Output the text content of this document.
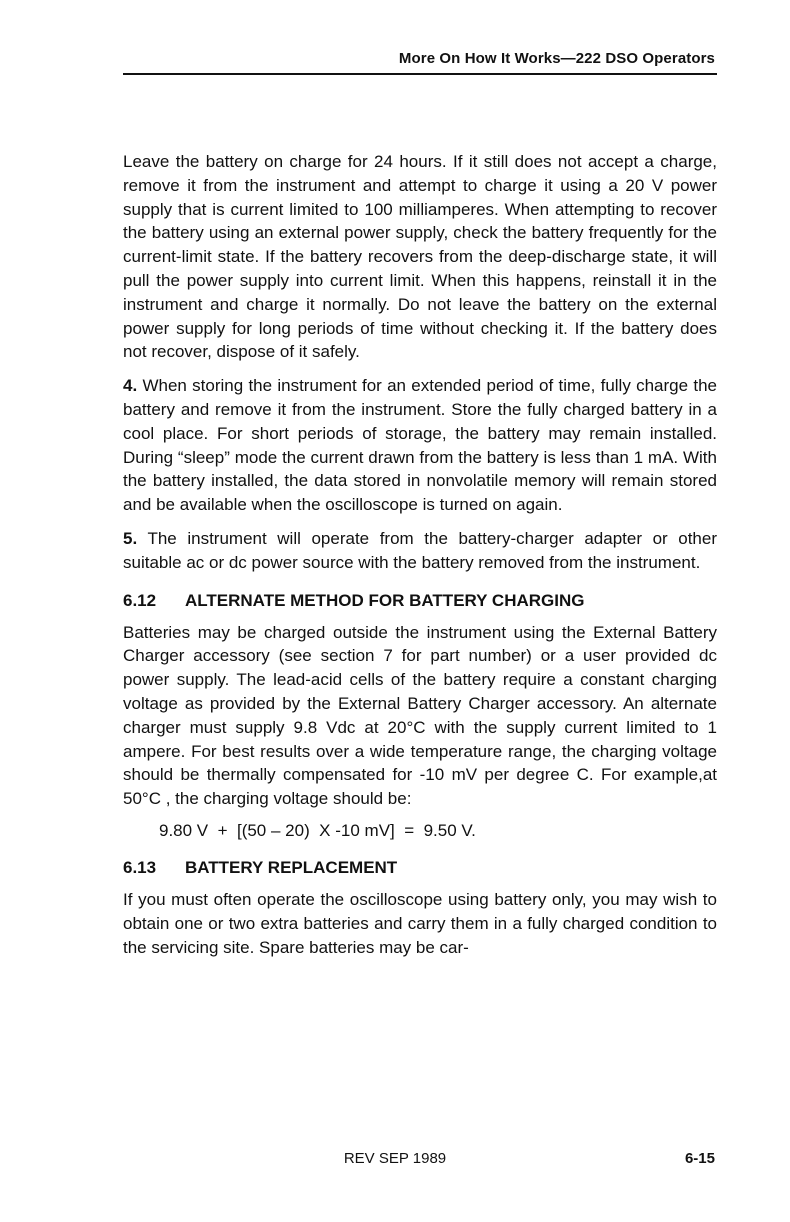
More On How It Works—222 DSO Operators

Leave the battery on charge for 24 hours. If it still does not accept a charge, remove it from the instrument and attempt to charge it using a 20 V power supply that is current limited to 100 milliamperes. When attempting to recover the battery using an external power supply, check the battery frequently for the current-limit state. If the battery recovers from the deep-discharge state, it will pull the power supply into current limit. When this happens, reinstall it in the instrument and charge it normally. Do not leave the battery on the external power supply for long periods of time without checking it. If the battery does not recover, dispose of it safely.

4. When storing the instrument for an extended period of time, fully charge the battery and remove it from the instrument. Store the fully charged battery in a cool place. For short periods of storage, the battery may remain installed. During “sleep” mode the current drawn from the battery is less than 1 mA. With the battery installed, the data stored in nonvolatile memory will remain stored and be available when the oscilloscope is turned on again.

5. The instrument will operate from the battery-charger adapter or other suitable ac or dc power source with the battery removed from the instrument.

6.12 ALTERNATE METHOD FOR BATTERY CHARGING

Batteries may be charged outside the instrument using the External Battery Charger accessory (see section 7 for part number) or a user provided dc power supply. The lead-acid cells of the battery require a constant charging voltage as provided by the External Battery Charger accessory. An alternate charger must supply 9.8 Vdc at 20°C with the supply current limited to 1 ampere. For best results over a wide temperature range, the charging voltage should be thermally compensated for -10 mV per degree C. For example,at 50°C , the charging voltage should be:

9.80 V  +  [(50 – 20)  X -10 mV]  =  9.50 V.
6.13 BATTERY REPLACEMENT

If you must often operate the oscilloscope using battery only, you may wish to obtain one or two extra batteries and carry them in a fully charged condition to the servicing site. Spare batteries may be car-

REV SEP 1989	6-15
